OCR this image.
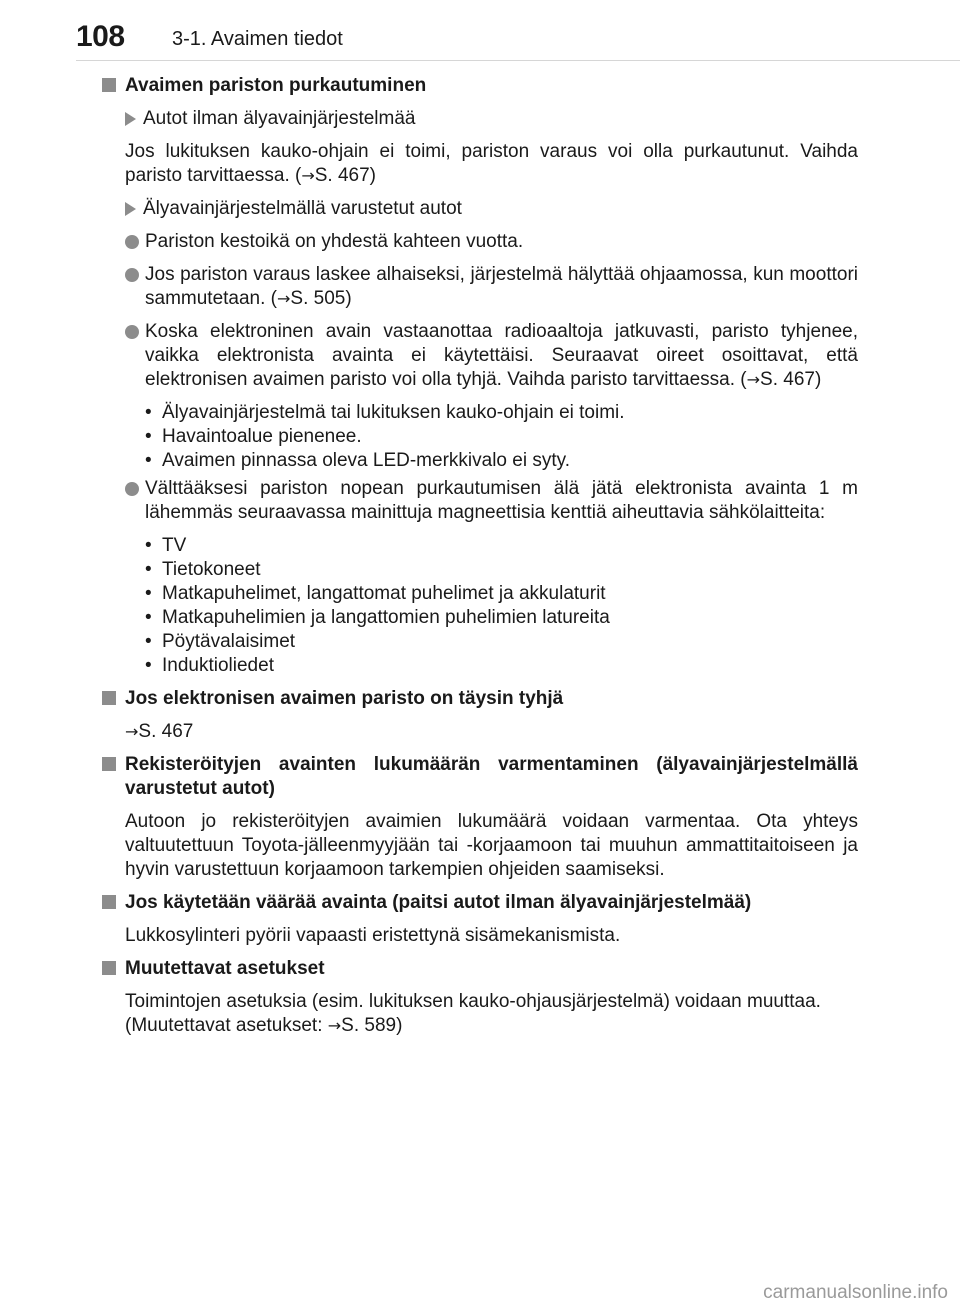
108 3-1. Avaimen tiedot
Avaimen pariston purkautuminen
Autot ilman älyavainjärjestelmää
Jos lukituksen kauko-ohjain ei toimi, pariston varaus voi olla purkautunut. Vaihda paristo tarvittaessa. (→S. 467)
Älyavainjärjestelmällä varustetut autot
Pariston kestoikä on yhdestä kahteen vuotta.
Jos pariston varaus laskee alhaiseksi, järjestelmä hälyttää ohjaamossa, kun moottori sammutetaan. (→S. 505)
Koska elektroninen avain vastaanottaa radioaaltoja jatkuvasti, paristo tyhjenee, vaikka elektronista avainta ei käytettäisi. Seuraavat oireet osoittavat, että elektronisen avaimen paristo voi olla tyhjä. Vaihda paristo tarvittaessa. (→S. 467)
• Älyavainjärjestelmä tai lukituksen kauko-ohjain ei toimi.
• Havaintoalue pienenee.
• Avaimen pinnassa oleva LED-merkkivalo ei syty.
Välttääksesi pariston nopean purkautumisen älä jätä elektronista avainta 1 m lähemmäs seuraavassa mainittuja magneettisia kenttiä aiheuttavia sähkölaitteita:
• TV
• Tietokoneet
• Matkapuhelimet, langattomat puhelimet ja akkulaturit
• Matkapuhelimien ja langattomien puhelimien latureita
• Pöytävalaisimet
• Induktioliedet
Jos elektronisen avaimen paristo on täysin tyhjä
→S. 467
Rekisteröityjen avainten lukumäärän varmentaminen (älyavainjärjestelmällä varustetut autot)
Autoon jo rekisteröityjen avaimien lukumäärä voidaan varmentaa. Ota yhteys valtuutettuun Toyota-jälleenmyyjään tai -korjaamoon tai muuhun ammattitaitoiseen ja hyvin varustettuun korjaamoon tarkempien ohjeiden saamiseksi.
Jos käytetään väärää avainta (paitsi autot ilman älyavainjärjestelmää)
Lukkosylinteri pyörii vapaasti eristettynä sisämekanismista.
Muutettavat asetukset
Toimintojen asetuksia (esim. lukituksen kauko-ohjausjärjestelmä) voidaan muuttaa.
(Muutettavat asetukset: →S. 589)
carmanualsonline.info
